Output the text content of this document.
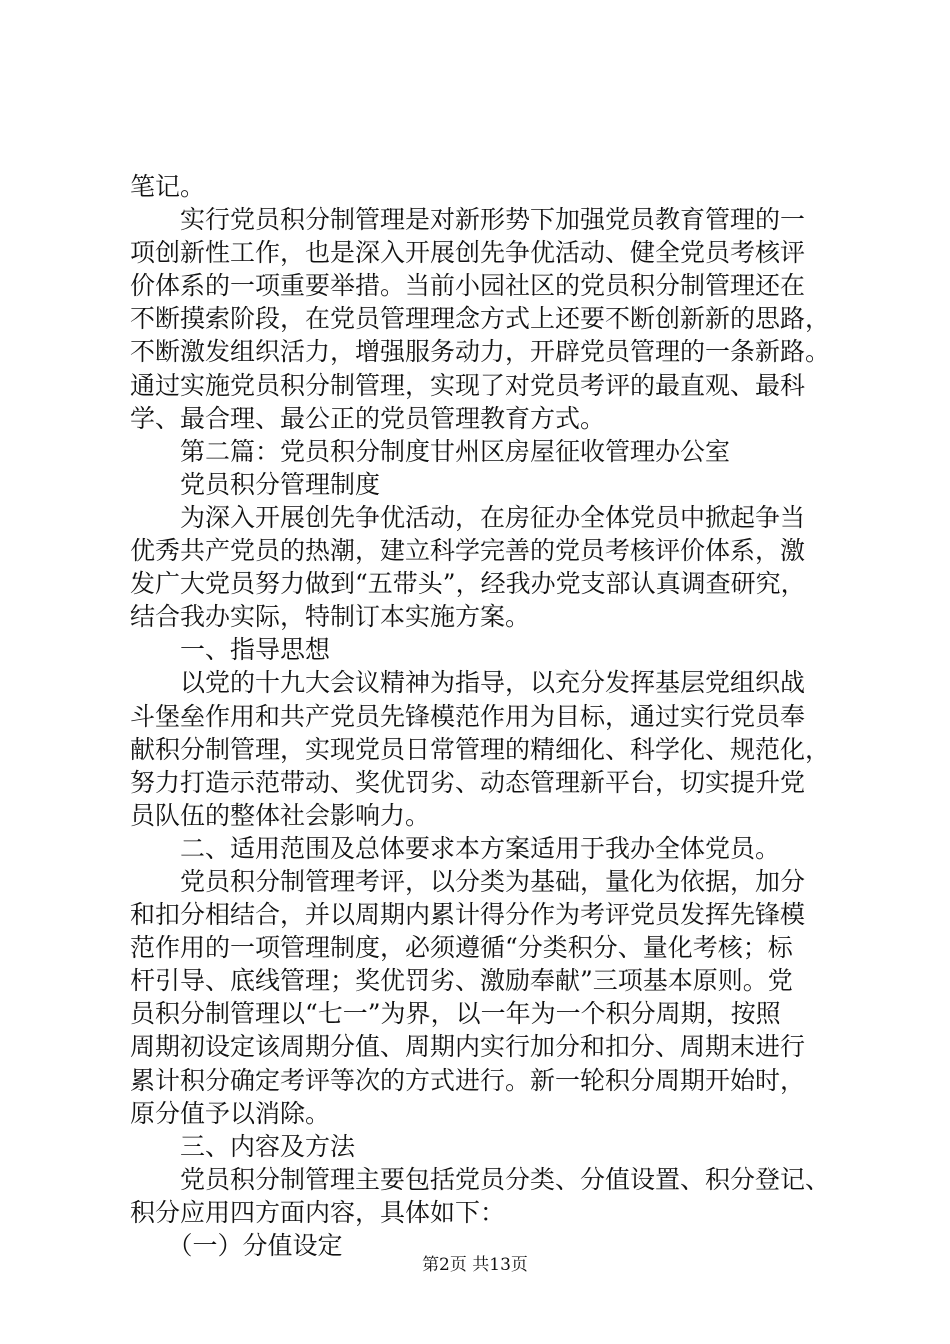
笔记。
　　实行党员积分制管理是对新形势下加强党员教育管理的一
项创新性工作，也是深入开展创先争优活动、健全党员考核评
价体系的一项重要举措。当前小园社区的党员积分制管理还在
不断摸索阶段，在党员管理理念方式上还要不断创新新的思路，
不断激发组织活力，增强服务动力，开辟党员管理的一条新路。
通过实施党员积分制管理，实现了对党员考评的最直观、最科
学、最合理、最公正的党员管理教育方式。
　　第二篇：党员积分制度甘州区房屋征收管理办公室
　　党员积分管理制度
　　为深入开展创先争优活动，在房征办全体党员中掀起争当
优秀共产党员的热潮，建立科学完善的党员考核评价体系，激
发广大党员努力做到“五带头”，经我办党支部认真调查研究，
结合我办实际，特制订本实施方案。
　　一、指导思想
　　以党的十九大会议精神为指导，以充分发挥基层党组织战
斗堡垒作用和共产党员先锋模范作用为目标，通过实行党员奉
献积分制管理，实现党员日常管理的精细化、科学化、规范化，
努力打造示范带动、奖优罚劣、动态管理新平台，切实提升党
员队伍的整体社会影响力。
　　二、适用范围及总体要求本方案适用于我办全体党员。
　　党员积分制管理考评，以分类为基础，量化为依据，加分
和扣分相结合，并以周期内累计得分作为考评党员发挥先锋模
范作用的一项管理制度，必须遵循“分类积分、量化考核；标
杆引导、底线管理；奖优罚劣、激励奉献”三项基本原则。党
员积分制管理以“七一”为界，以一年为一个积分周期，按照
周期初设定该周期分值、周期内实行加分和扣分、周期末进行
累计积分确定考评等次的方式进行。新一轮积分周期开始时，
原分值予以消除。
　　三、内容及方法
　　党员积分制管理主要包括党员分类、分值设置、积分登记、
积分应用四方面内容，具体如下：
　　（一）分值设定
第2页 共13页
